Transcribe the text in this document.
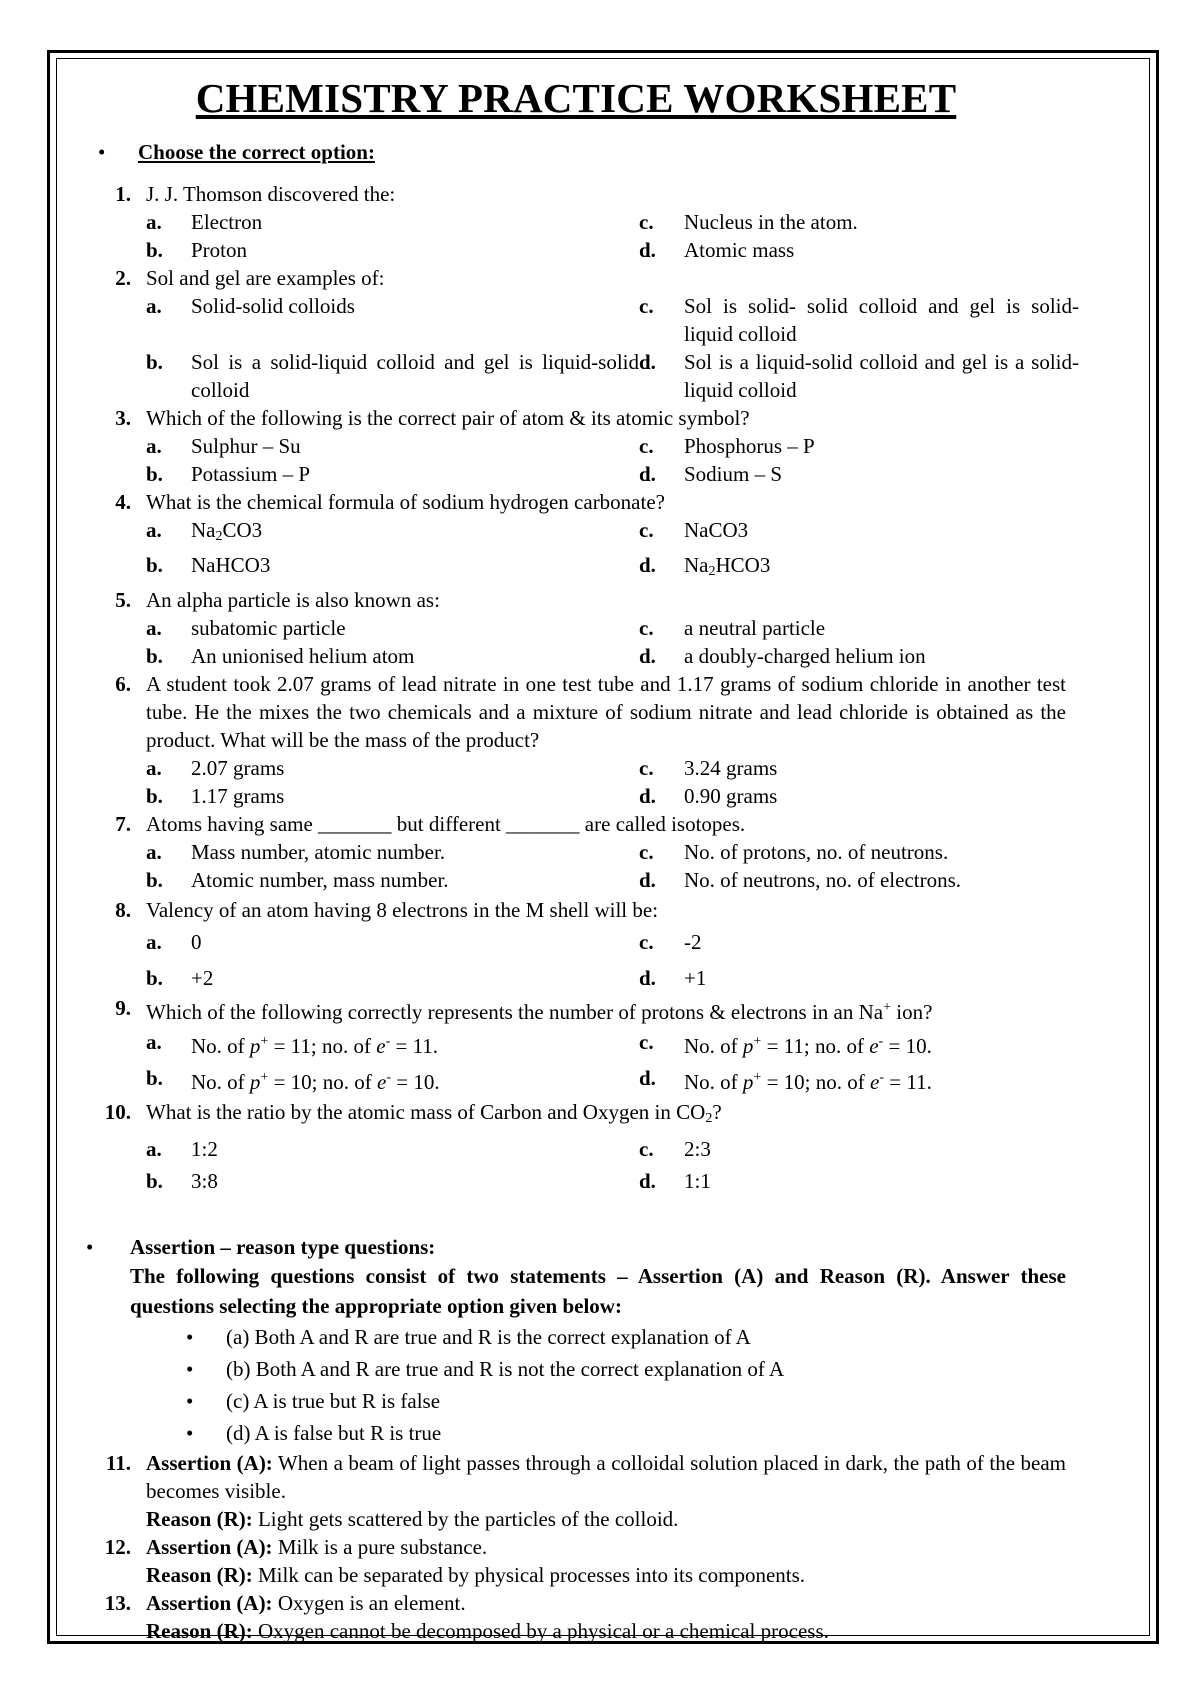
CHEMISTRY PRACTICE WORKSHEET
• Choose the correct option:
1. J. J. Thomson discovered the:
a. Electron	c. Nucleus in the atom.
b. Proton	d. Atomic mass
2. Sol and gel are examples of:
a. Solid-solid colloids	c. Sol is solid- solid colloid and gel is solid-liquid colloid
b. Sol is a solid-liquid colloid and gel is liquid-solid colloid
d. Sol is a liquid-solid colloid and gel is a solid-liquid colloid
3. Which of the following is the correct pair of atom & its atomic symbol?
a. Sulphur – Su	c. Phosphorus – P
b. Potassium – P	d. Sodium – S
4. What is the chemical formula of sodium hydrogen carbonate?
a. $Na_2CO3$	c. NaCO3
b. NaHCO3	d. $Na_2HCO3$
5. An alpha particle is also known as:
a. subatomic particle	c. a neutral particle
b. An unionised helium atom	d. a doubly-charged helium ion
6. A student took 2.07 grams of lead nitrate in one test tube and 1.17 grams of sodium chloride in another test tube. He the mixes the two chemicals and a mixture of sodium nitrate and lead chloride is obtained as the product. What will be the mass of the product?
a. 2.07 grams	c. 3.24 grams
b. 1.17 grams	d. 0.90 grams
7. Atoms having same _______ but different _______ are called isotopes.
a. Mass number, atomic number.	c. No. of protons, no. of neutrons.
b. Atomic number, mass number.	d. No. of neutrons, no. of electrons.
8. Valency of an atom having 8 electrons in the M shell will be:
a. 0	c. -2
b. +2	d. +1
9. Which of the following correctly represents the number of protons & electrons in an Na+ ion?
a. No. of p+ = 11; no. of e- = 11.	c. No. of p+ = 11; no. of e- = 10.
b. No. of p+ = 10; no. of e- = 10.	d. No. of p+ = 10; no. of e- = 11.
10. What is the ratio by the atomic mass of Carbon and Oxygen in $CO_2$?
a. 1:2	c. 2:3
b. 3:8	d. 1:1
• Assertion – reason type questions:
The following questions consist of two statements – Assertion (A) and Reason (R). Answer these questions selecting the appropriate option given below:
• (a) Both A and R are true and R is the correct explanation of A
• (b) Both A and R are true and R is not the correct explanation of A
• (c) A is true but R is false
• (d) A is false but R is true
11. Assertion (A): When a beam of light passes through a colloidal solution placed in dark, the path of the beam becomes visible.
Reason (R): Light gets scattered by the particles of the colloid.
12. Assertion (A): Milk is a pure substance.
Reason (R): Milk can be separated by physical processes into its components.
13. Assertion (A): Oxygen is an element.
Reason (R): Oxygen cannot be decomposed by a physical or a chemical process.
